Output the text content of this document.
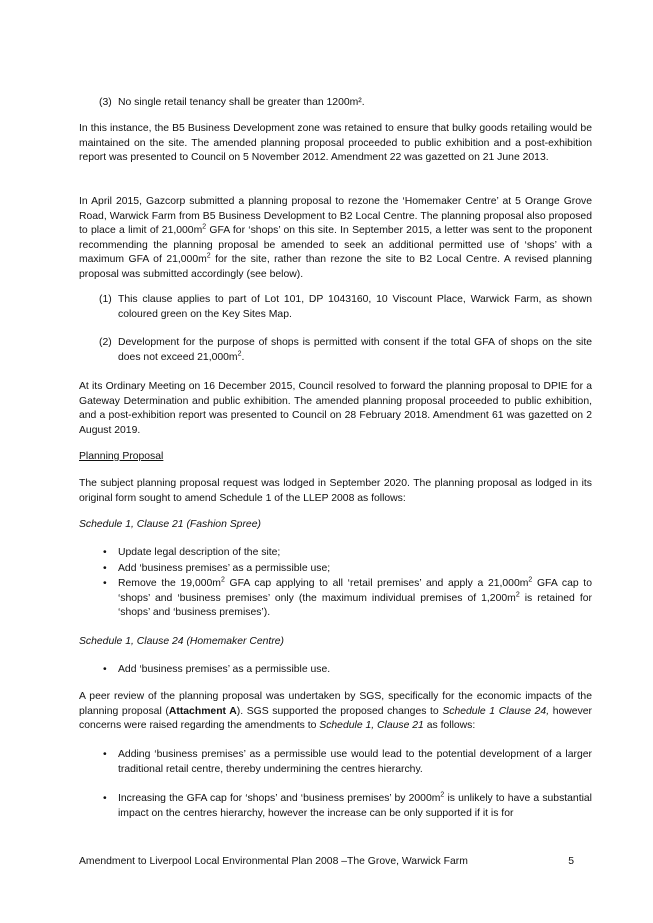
(3) No single retail tenancy shall be greater than 1200m².

In this instance, the B5 Business Development zone was retained to ensure that bulky goods retailing would be maintained on the site. The amended planning proposal proceeded to public exhibition and a post-exhibition report was presented to Council on 5 November 2012. Amendment 22 was gazetted on 21 June 2013.

In April 2015, Gazcorp submitted a planning proposal to rezone the ‘Homemaker Centre’ at 5 Orange Grove Road, Warwick Farm from B5 Business Development to B2 Local Centre. The planning proposal also proposed to place a limit of $21,000m^2$ GFA for ‘shops’ on this site. In September 2015, a letter was sent to the proponent recommending the planning proposal be amended to seek an additional permitted use of ‘shops’ with a maximum GFA of $21,000m^2$ for the site, rather than rezone the site to B2 Local Centre. A revised planning proposal was submitted accordingly (see below).

(1) This clause applies to part of Lot 101, DP 1043160, 10 Viscount Place, Warwick Farm, as shown coloured green on the Key Sites Map.
(2) Development for the purpose of shops is permitted with consent if the total GFA of shops on the site does not exceed $21,000m^2$.

At its Ordinary Meeting on 16 December 2015, Council resolved to forward the planning proposal to DPIE for a Gateway Determination and public exhibition. The amended planning proposal proceeded to public exhibition, and a post-exhibition report was presented to Council on 28 February 2018. Amendment 61 was gazetted on 2 August 2019.

Planning Proposal

The subject planning proposal request was lodged in September 2020. The planning proposal as lodged in its original form sought to amend Schedule 1 of the LLEP 2008 as follows:

Schedule 1, Clause 21 (Fashion Spree)

• Update legal description of the site;
• Add ‘business premises’ as a permissible use;
• Remove the $19,000m^2$ GFA cap applying to all ‘retail premises’ and apply a $21,000m^2$ GFA cap to ‘shops’ and ‘business premises’ only (the maximum individual premises of $1,200m^2$ is retained for ‘shops’ and ‘business premises’).

Schedule 1, Clause 24 (Homemaker Centre)

• Add ‘business premises’ as a permissible use.

A peer review of the planning proposal was undertaken by SGS, specifically for the economic impacts of the planning proposal (Attachment A). SGS supported the proposed changes to Schedule 1 Clause 24, however concerns were raised regarding the amendments to Schedule 1, Clause 21 as follows:

• Adding ‘business premises’ as a permissible use would lead to the potential development of a larger traditional retail centre, thereby undermining the centres hierarchy.
• Increasing the GFA cap for ‘shops’ and ‘business premises’ by $2000m^2$ is unlikely to have a substantial impact on the centres hierarchy, however the increase can be only supported if it is for
Amendment to Liverpool Local Environmental Plan 2008 –The Grove, Warwick Farm	5
